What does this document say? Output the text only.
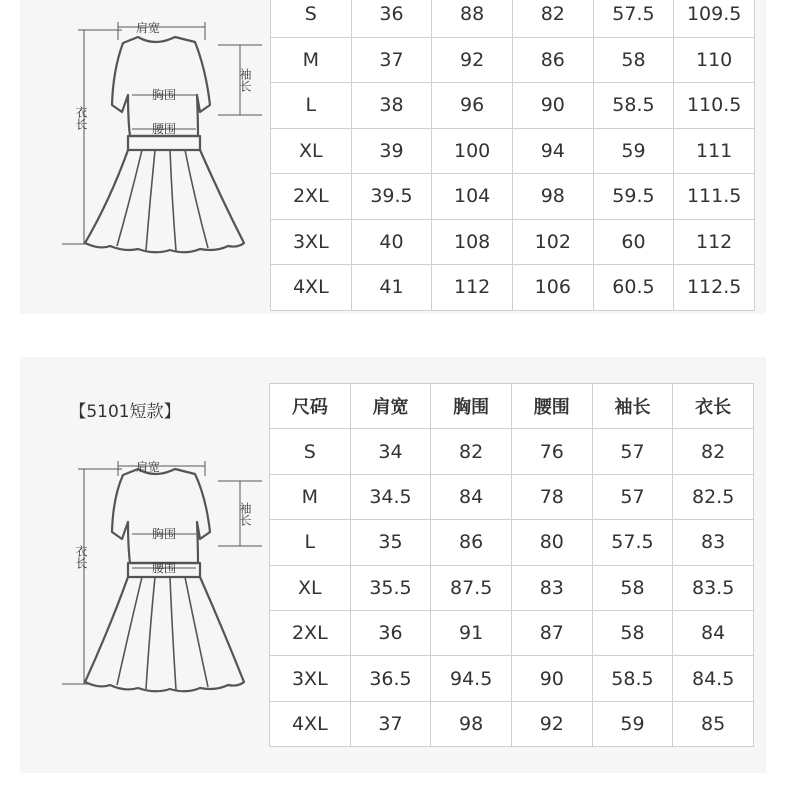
肩宽
胸围
腰围
袖长
衣长
S	36	88	82	57.5	109.5
M	37	92	86	58	110
L	38	96	90	58.5	110.5
XL	39	100	94	59	111
2XL	39.5	104	98	59.5	111.5
3XL	40	108	102	60	112
4XL	41	112	106	60.5	112.5
【5101短款】
肩宽
胸围
腰围
袖长
衣长
尺码	肩宽	胸围	腰围	袖长	衣长
S	34	82	76	57	82
M	34.5	84	78	57	82.5
L	35	86	80	57.5	83
XL	35.5	87.5	83	58	83.5
2XL	36	91	87	58	84
3XL	36.5	94.5	90	58.5	84.5
4XL	37	98	92	59	85
